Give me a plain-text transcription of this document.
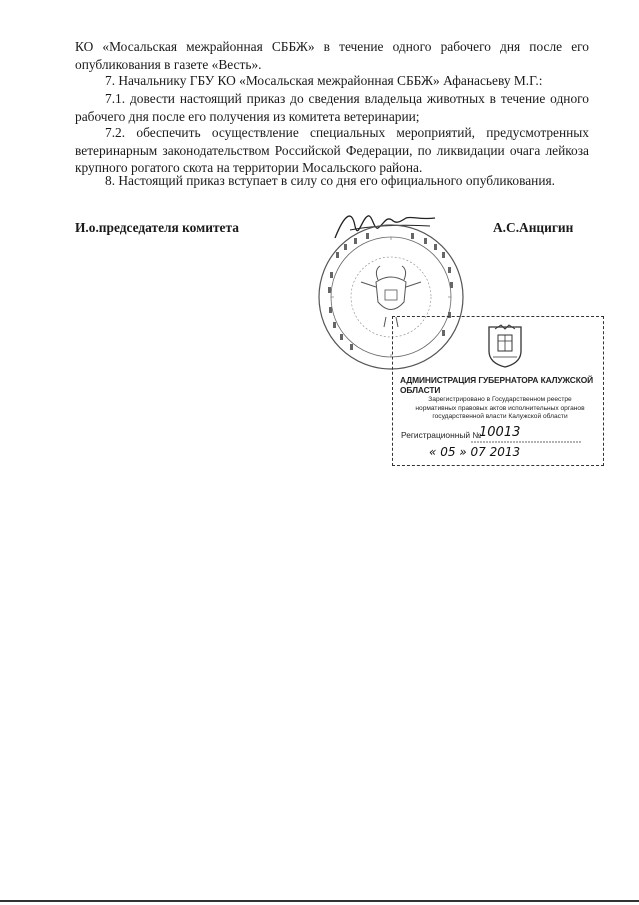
КО «Мосальская межрайонная СББЖ» в течение одного рабочего дня после его опубликования в газете «Весть».

7. Начальнику ГБУ КО «Мосальская межрайонная СББЖ» Афанасьеву М.Г.:

7.1. довести настоящий приказ до сведения владельца животных в течение одного рабочего дня после его получения из комитета ветеринарии;

7.2. обеспечить осуществление специальных мероприятий, предусмотренных ветеринарным законодательством Российской Федерации, по ликвидации очага лейкоза крупного рогатого скота на территории Мосальского района.

8. Настоящий приказ вступает в силу со дня его официального опубликования.

И.о.председателя комитета	А.С.Анцигин
АДМИНИСТРАЦИЯ ГУБЕРНАТОРА КАЛУЖСКОЙ ОБЛАСТИ
Зарегистрировано в Государственном реестре нормативных правовых актов исполнительных органов государственной власти Калужской области
Регистрационный №
10013
« 05 » 07 2013
